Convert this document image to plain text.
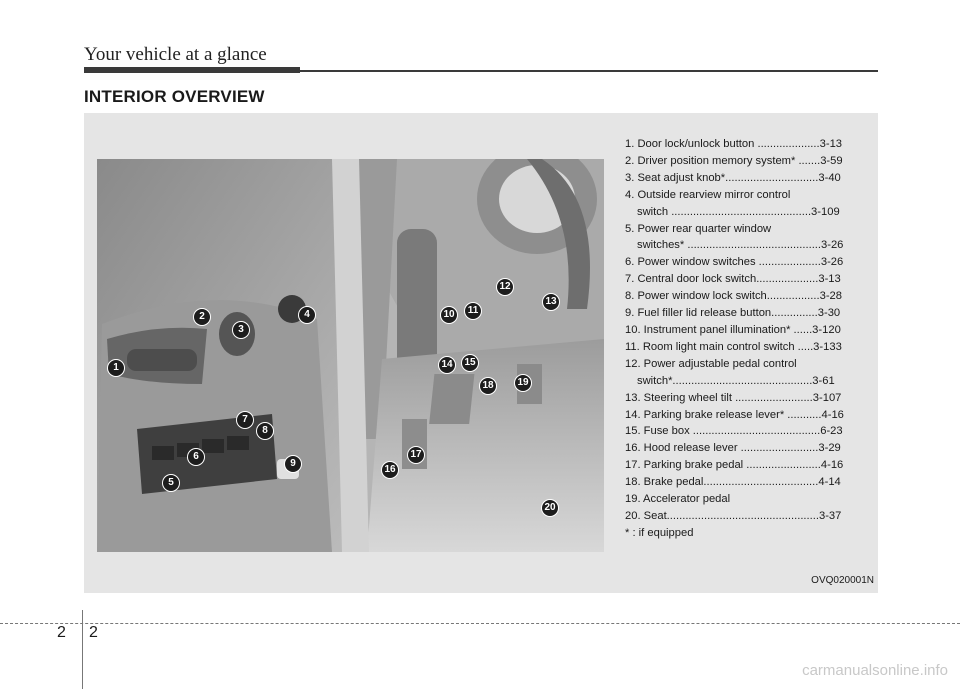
Your vehicle at a glance
INTERIOR OVERVIEW
1
2
3
4
5
6
7
8
9
10 11
12
13
14 15
16
17
18 19
20
1. Door lock/unlock button ....................3-13
2. Driver position memory system* .......3-59
3. Seat adjust knob*..............................3-40
4. Outside rearview mirror control
switch .............................................3-109
5. Power rear quarter window
switches* ...........................................3-26
6. Power window switches ....................3-26
7. Central door lock switch....................3-13
8. Power window lock switch.................3-28
9. Fuel filler lid release button...............3-30
10. Instrument panel illumination* ......3-120
11. Room light main control switch .....3-133
12. Power adjustable pedal control
switch*.............................................3-61
13. Steering wheel tilt .........................3-107
14. Parking brake release lever* ...........4-16
15. Fuse box .........................................6-23
16. Hood release lever .........................3-29
17. Parking brake pedal ........................4-16
18. Brake pedal.....................................4-14
19. Accelerator pedal
20. Seat.................................................3-37
* : if equipped
OVQ020001N
2 2
carmanualsonline.info
